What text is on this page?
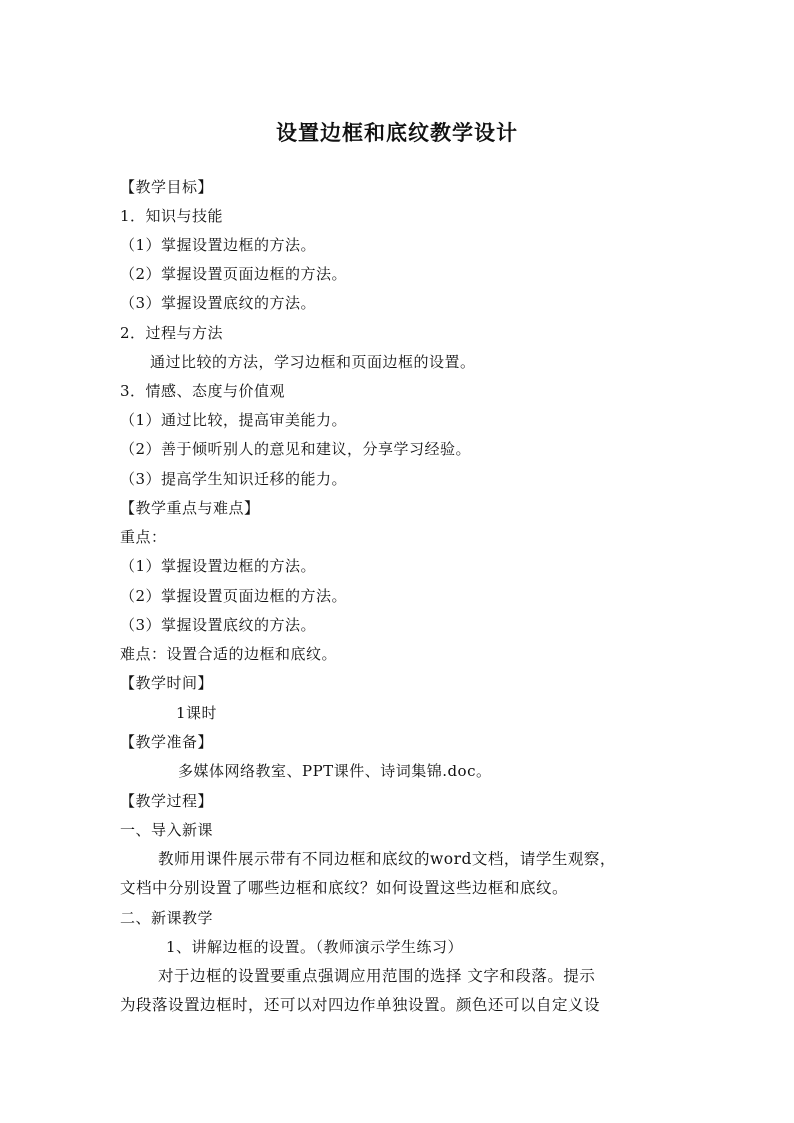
设置边框和底纹教学设计
【教学目标】
1．知识与技能
（1）掌握设置边框的方法。
（2）掌握设置页面边框的方法。
（3）掌握设置底纹的方法。
2．过程与方法
通过比较的方法，学习边框和页面边框的设置。
3．情感、态度与价值观
（1）通过比较，提高审美能力。
（2）善于倾听别人的意见和建议，分享学习经验。
（3）提高学生知识迁移的能力。
【教学重点与难点】
重点：
（1）掌握设置边框的方法。
（2）掌握设置页面边框的方法。
（3）掌握设置底纹的方法。
难点：设置合适的边框和底纹。
【教学时间】
1课时
【教学准备】
多媒体网络教室、PPT课件、诗词集锦.doc。
【教学过程】
一、导入新课
教师用课件展示带有不同边框和底纹的word文档，请学生观察，
文档中分别设置了哪些边框和底纹？如何设置这些边框和底纹。
二、新课教学
1、讲解边框的设置。（教师演示学生练习）
对于边框的设置要重点强调应用范围的选择 文字和段落。提示
为段落设置边框时，还可以对四边作单独设置。颜色还可以自定义设
